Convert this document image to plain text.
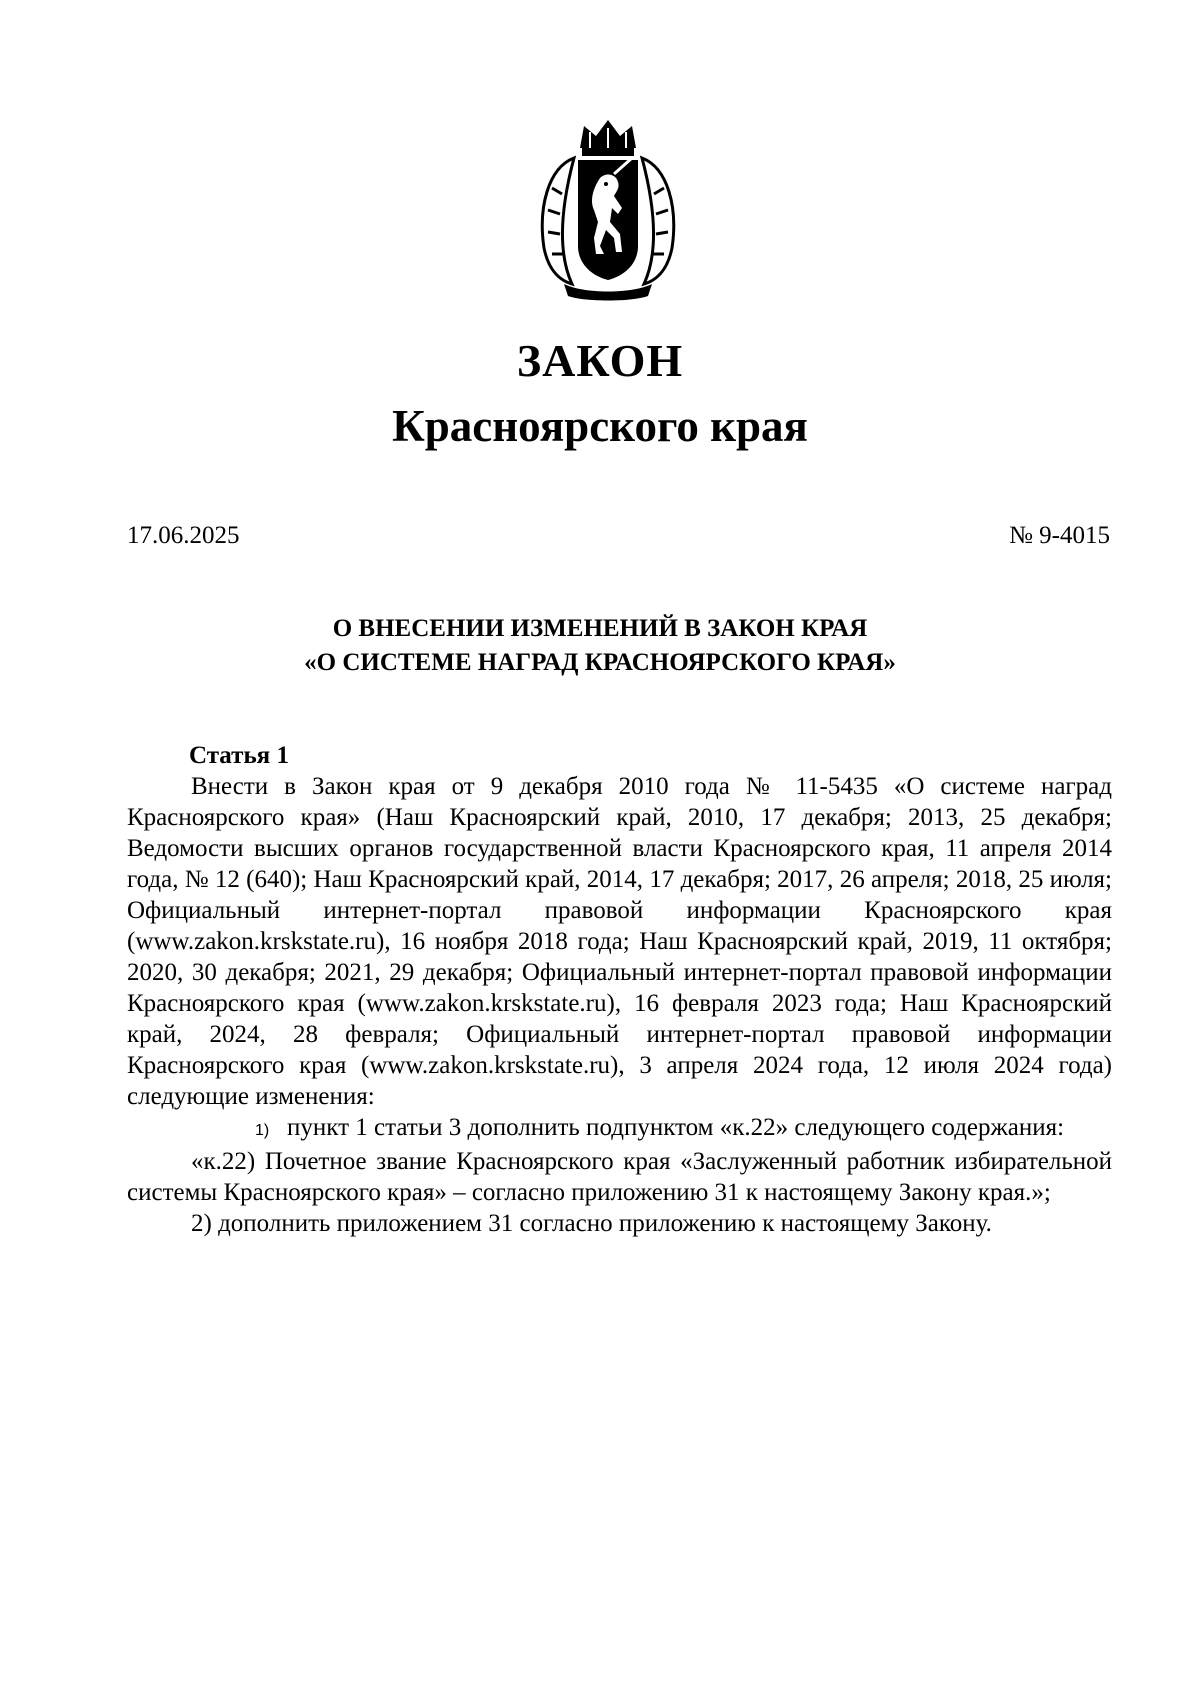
ЗАКОН
Красноярского края
17.06.2025	№ 9-4015
О ВНЕСЕНИИ ИЗМЕНЕНИЙ В ЗАКОН КРАЯ
«О СИСТЕМЕ НАГРАД КРАСНОЯРСКОГО КРАЯ»
Статья 1

Внести в Закон края от 9 декабря 2010 года № 11-5435 «О системе наград Красноярского края» (Наш Красноярский край, 2010, 17 декабря; 2013, 25 декабря; Ведомости высших органов государственной власти Красноярского края, 11 апреля 2014 года, № 12 (640); Наш Красноярский край, 2014, 17 декабря; 2017, 26 апреля; 2018, 25 июля; Официальный интернет-портал правовой информации Красноярского края (www.zakon.krskstate.ru), 16 ноября 2018 года; Наш Красноярский край, 2019, 11 октября; 2020, 30 декабря; 2021, 29 декабря; Официальный интернет-портал правовой информации Красноярского края (www.zakon.krskstate.ru), 16 февраля 2023 года; Наш Красноярский край, 2024, 28 февраля; Официальный интернет-портал правовой информации Красноярского края (www.zakon.krskstate.ru), 3 апреля 2024 года, 12 июля 2024 года) следующие изменения:

1) пункт 1 статьи 3 дополнить подпунктом «к.22» следующего содержания:

«к.22) Почетное звание Красноярского края «Заслуженный работник избирательной системы Красноярского края» – согласно приложению 31 к настоящему Закону края.»;

2) дополнить приложением 31 согласно приложению к настоящему Закону.
